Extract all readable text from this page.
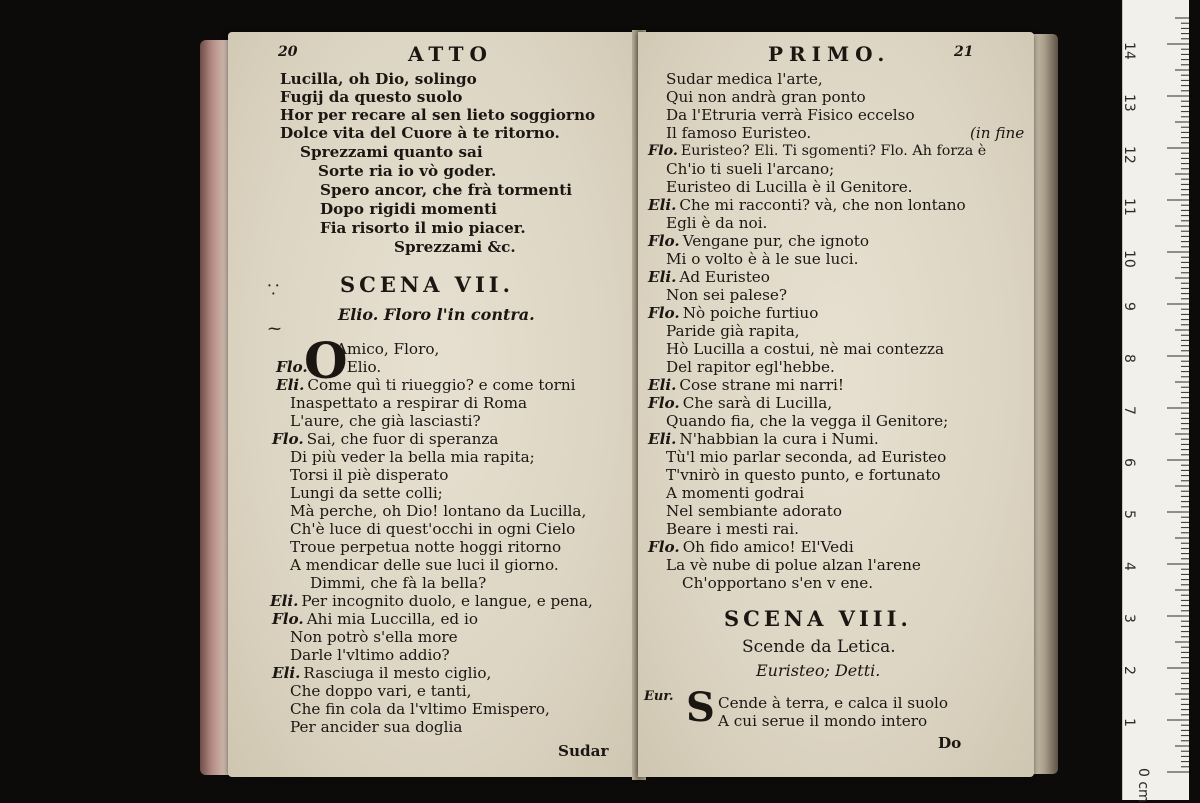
20	ATTO
Lucilla, oh Dio, solingo
Fugij da questo suolo
Hor per recare al sen lieto soggiorno
Dolce vita del Cuore à te ritorno.
Sprezzami quanto sai
Sorte ria io vò goder.
Spero ancor, che frà tormenti
Dopo rigidi momenti
Fia risorto il mio piacer.
Sprezzami &c.
SCENA VII.
Elio. Floro l'in contra.
⸪
⁓
O
Amico, Floro,
Flo.	Elio.
Eli. Come quì ti riueggio? e come torni
Inaspettato a respirar di Roma
L'aure, che già lasciasti?
Flo. Sai, che fuor di speranza
Di più veder la bella mia rapita;
Torsi il piè disperato
Lungi da sette colli;
Mà perche, oh Dio! lontano da Lucilla,
Ch'è luce di quest'occhi in ogni Cielo
Troue perpetua notte hoggi ritorno
A mendicar delle sue luci il giorno.
Dimmi, che fà la bella?
Eli. Per incognito duolo, e langue, e pena,
Flo. Ahi mia Luccilla, ed io
Non potrò s'ella more
Darle l'vltimo addio?
Eli. Rasciuga il mesto ciglio,
Che doppo vari, e tanti,
Che fin cola da l'vltimo Emispero,
Per ancider sua doglia
Sudar
PRIMO.	21
(in fine
Sudar medica l'arte,
Qui non andrà gran ponto
Da l'Etruria verrà Fisico eccelso
Il famoso Euristeo.
Flo. Euristeo? Eli. Ti sgomenti? Flo. Ah forza è
Ch'io ti sueli l'arcano;
Euristeo di Lucilla è il Genitore.
Eli. Che mi racconti? và, che non lontano
Egli è da noi.
Flo. Vengane pur, che ignoto
Mi o volto è à le sue luci.
Eli. Ad Euristeo
Non sei palese?
Flo. Nò poiche furtiuo
Paride già rapita,
Hò Lucilla a costui, nè mai contezza
Del rapitor egl'hebbe.
Eli. Cose strane mi narri!
Flo. Che sarà di Lucilla,
Quando fia, che la vegga il Genitore;
Eli. N'habbian la cura i Numi.
Tù'l mio parlar seconda, ad Euristeo
T'vnirò in questo punto, e fortunato
A momenti godrai
Nel sembiante adorato
Beare i mesti rai.
Flo. Oh fido amico! El'Vedi
La vè nube di polue alzan l'arene
Ch'opportano s'en v ene.
SCENA VIII.
Scende da Letica.
Euristeo; Detti.
Eur. S Cende à terra, e calca il suolo
A cui serue il mondo intero
Do
0 cm
1
2
3
4
5
6
7
8
9
10
11
12
13
14
